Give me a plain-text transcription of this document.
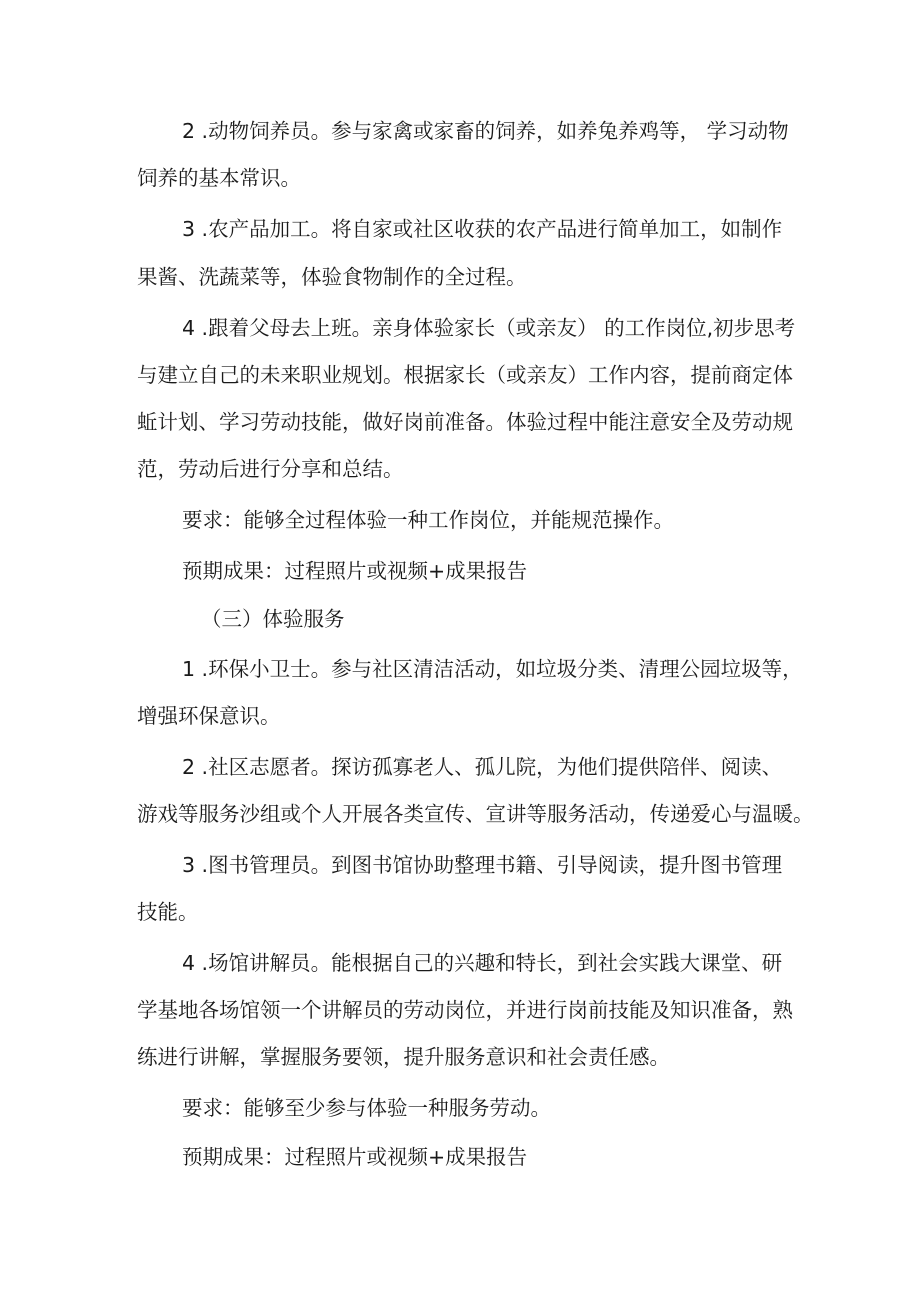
2 .动物饲养员。参与家禽或家畜的饲养，如养兔养鸡等， 学习动物
饲养的基本常识。
3 .农产品加工。将自家或社区收获的农产品进行简单加工，如制作
果酱、洗蔬菜等，体验食物制作的全过程。
4 .跟着父母去上班。亲身体验家长（或亲友） 的工作岗位,初步思考
与建立自己的未来职业规划。根据家长（或亲友）工作内容，提前商定体
蚯计划、学习劳动技能，做好岗前准备。体验过程中能注意安全及劳动规
范，劳动后进行分享和总结。
要求：能够全过程体验一种工作岗位，并能规范操作。
预期成果：过程照片或视频+成果报告
（三）体验服务
1 .环保小卫士。参与社区清洁活动，如垃圾分类、清理公园垃圾等，
增强环保意识。
2 .社区志愿者。探访孤寡老人、孤儿院，为他们提供陪伴、阅读、
游戏等服务沙组或个人开展各类宣传、宣讲等服务活动，传递爱心与温暖。
3 .图书管理员。到图书馆协助整理书籍、引导阅读，提升图书管理
技能。
4 .场馆讲解员。能根据自己的兴趣和特长，到社会实践大课堂、研
学基地各场馆领一个讲解员的劳动岗位，并进行岗前技能及知识准备，熟
练进行讲解，掌握服务要领，提升服务意识和社会责任感。
要求：能够至少参与体验一种服务劳动。
预期成果：过程照片或视频+成果报告
